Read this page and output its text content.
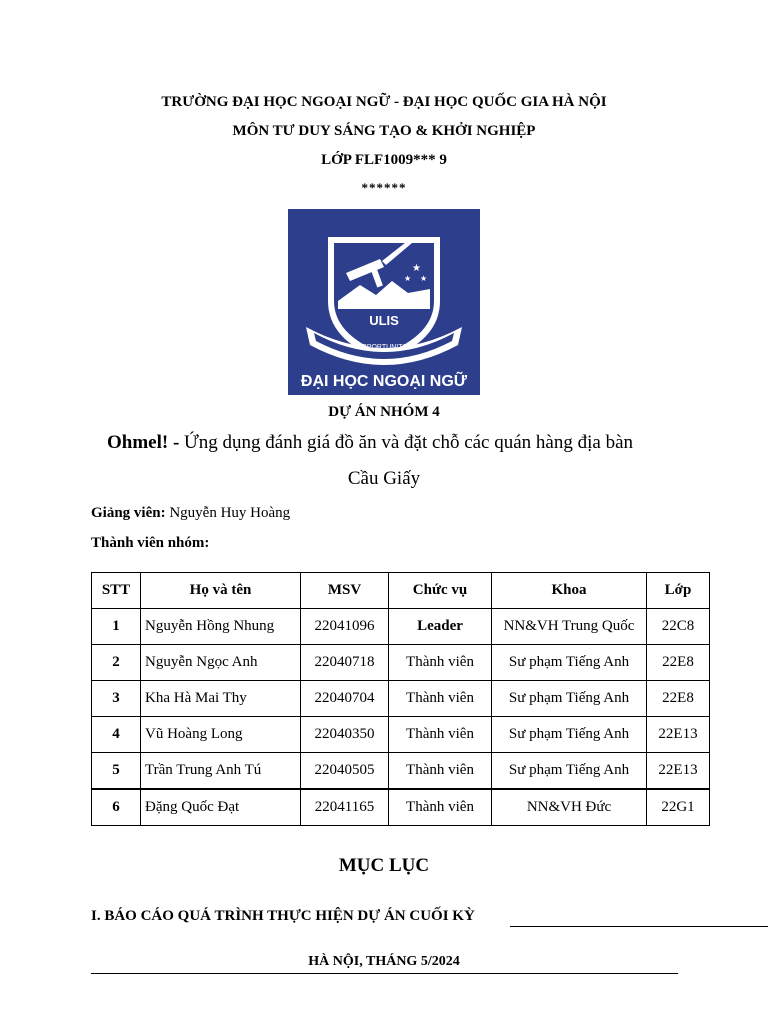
TRƯỜNG ĐẠI HỌC NGOẠI NGỮ - ĐẠI HỌC QUỐC GIA HÀ NỘI
MÔN TƯ DUY SÁNG TẠO & KHỞI NGHIỆP
LỚP FLF1009*** 9
******
★
★ ★
ULIS
OPPORTUNITAS
ĐẠI HỌC NGOẠI NGỮ
DỰ ÁN NHÓM 4
Ohmel! - Ứng dụng đánh giá đồ ăn và đặt chỗ các quán hàng địa bàn
Cầu Giấy
Giảng viên: Nguyễn Huy Hoàng
Thành viên nhóm:
STT	Họ và tên	MSV	Chức vụ	Khoa	Lớp
1	Nguyễn Hồng Nhung	22041096	Leader	NN&VH Trung Quốc	22C8
2	Nguyễn Ngọc Anh	22040718	Thành viên	Sư phạm Tiếng Anh	22E8
3	Kha Hà Mai Thy	22040704	Thành viên	Sư phạm Tiếng Anh	22E8
4	Vũ Hoàng Long	22040350	Thành viên	Sư phạm Tiếng Anh	22E13
5	Trần Trung Anh Tú	22040505	Thành viên	Sư phạm Tiếng Anh	22E13
6	Đặng Quốc Đạt	22041165	Thành viên	NN&VH Đức	22G1
MỤC LỤC
I. BÁO CÁO QUÁ TRÌNH THỰC HIỆN DỰ ÁN CUỐI KỲ
HÀ NỘI, THÁNG 5/2024
